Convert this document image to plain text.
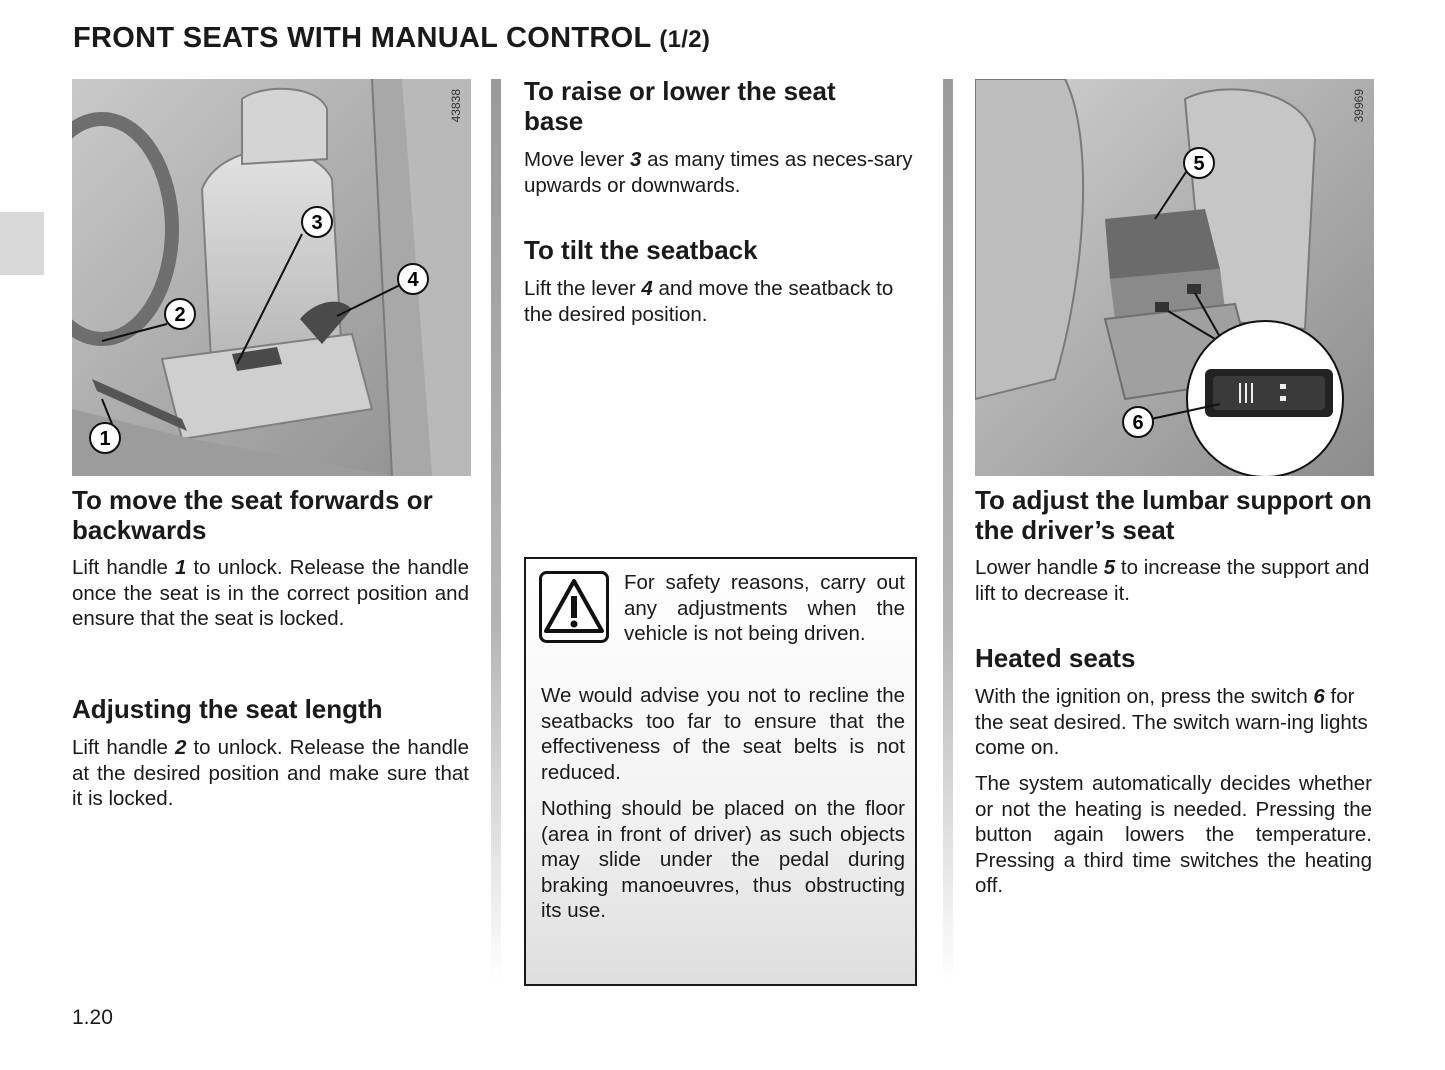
FRONT SEATS WITH MANUAL CONTROL (1/2)
3
4
2
1
43838
5
6
39969
To move the seat forwards or backwards

Lift handle 1 to unlock. Release the handle once the seat is in the correct position and ensure that the seat is locked.

Adjusting the seat length

Lift handle 2 to unlock. Release the handle at the desired position and make sure that it is locked.

To raise or lower the seat base

Move lever 3 as many times as neces-sary upwards or downwards.

To tilt the seatback

Lift the lever 4 and move the seatback to the desired position.

For safety reasons, carry out any adjustments when the vehicle is not being driven.

We would advise you not to recline the seatbacks too far to ensure that the effectiveness of the seat belts is not reduced.

Nothing should be placed on the floor (area in front of driver) as such objects may slide under the pedal during braking manoeuvres, thus obstructing its use.

To adjust the lumbar support on the driver’s seat

Lower handle 5 to increase the support and lift to decrease it.

Heated seats

With the ignition on, press the switch 6 for the seat desired. The switch warn-ing lights come on.

The system automatically decides whether or not the heating is needed. Pressing the button again lowers the temperature. Pressing a third time switches the heating off.

1.20
